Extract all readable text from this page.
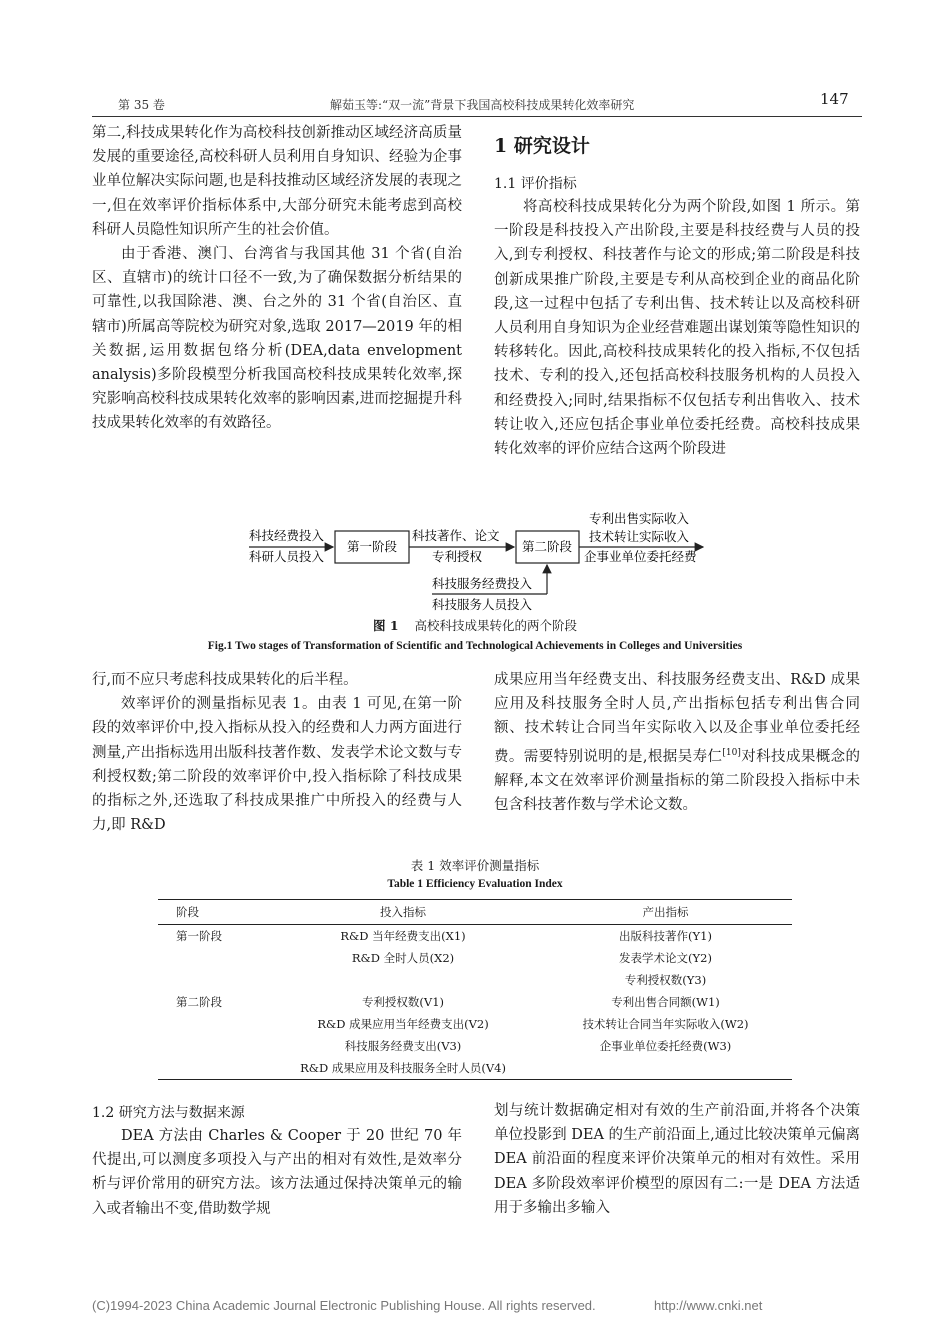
第 35 卷	解茹玉等:“双一流”背景下我国高校科技成果转化效率研究	147

第二,科技成果转化作为高校科技创新推动区域经济高质量发展的重要途径,高校科研人员利用自身知识、经验为企事业单位解决实际问题,也是科技推动区域经济发展的表现之一,但在效率评价指标体系中,大部分研究未能考虑到高校科研人员隐性知识所产生的社会价值。

由于香港、澳门、台湾省与我国其他 31 个省(自治区、直辖市)的统计口径不一致,为了确保数据分析结果的可靠性,以我国除港、澳、台之外的 31 个省(自治区、直辖市)所属高等院校为研究对象,选取 2017—2019 年的相关数据,运用数据包络分析(DEA,data envelopment analysis)多阶段模型分析我国高校科技成果转化效率,探究影响高校科技成果转化效率的影响因素,进而挖掘提升科技成果转化效率的有效路径。

1 研究设计
1.1 评价指标

将高校科技成果转化分为两个阶段,如图 1 所示。第一阶段是科技投入产出阶段,主要是科技经费与人员的投入,到专利授权、科技著作与论文的形成;第二阶段是科技创新成果推广阶段,主要是专利从高校到企业的商品化阶段,这一过程中包括了专利出售、技术转让以及高校科研人员利用自身知识为企业经营难题出谋划策等隐性知识的转移转化。因此,高校科技成果转化的投入指标,不仅包括技术、专利的投入,还包括高校科技服务机构的人员投入和经费投入;同时,结果指标不仅包括专利出售收入、技术转让收入,还应包括企事业单位委托经费。高校科技成果转化效率的评价应结合这两个阶段进

科技经费投入
科研人员投入
第一阶段
科技著作、论文
专利授权
第二阶段
专利出售实际收入
技术转让实际收入
企事业单位委托经费
科技服务经费投入
科技服务人员投入
图 1 高校科技成果转化的两个阶段
Fig.1 Two stages of Transformation of Scientific and Technological Achievements in Colleges and Universities

行,而不应只考虑科技成果转化的后半程。

效率评价的测量指标见表 1。由表 1 可见,在第一阶段的效率评价中,投入指标从投入的经费和人力两方面进行测量,产出指标选用出版科技著作数、发表学术论文数与专利授权数;第二阶段的效率评价中,投入指标除了科技成果的指标之外,还选取了科技成果推广中所投入的经费与人力,即 R&D

成果应用当年经费支出、科技服务经费支出、R&D 成果应用及科技服务全时人员,产出指标包括专利出售合同额、技术转让合同当年实际收入以及企事业单位委托经费。需要特别说明的是,根据吴寿仁[10]对科技成果概念的解释,本文在效率评价测量指标的第二阶段投入指标中未包含科技著作数与学术论文数。

表 1 效率评价测量指标
Table 1 Efficiency Evaluation Index
阶段	投入指标	产出指标
第一阶段	R&D 当年经费支出(X1)	出版科技著作(Y1)
	R&D 全时人员(X2)	发表学术论文(Y2)
		专利授权数(Y3)
第二阶段	专利授权数(V1)	专利出售合同额(W1)
	R&D 成果应用当年经费支出(V2)	技术转让合同当年实际收入(W2)
	科技服务经费支出(V3)	企事业单位委托经费(W3)
	R&D 成果应用及科技服务全时人员(V4)	
1.2 研究方法与数据来源

DEA 方法由 Charles & Cooper 于 20 世纪 70 年代提出,可以测度多项投入与产出的相对有效性,是效率分析与评价常用的研究方法。该方法通过保持决策单元的输入或者输出不变,借助数学规

划与统计数据确定相对有效的生产前沿面,并将各个决策单位投影到 DEA 的生产前沿面上,通过比较决策单元偏离 DEA 前沿面的程度来评价决策单元的相对有效性。采用 DEA 多阶段效率评价模型的原因有二:一是 DEA 方法适用于多输出多输入

(C)1994-2023 China Academic Journal Electronic Publishing House. All rights reserved.	http://www.cnki.net
